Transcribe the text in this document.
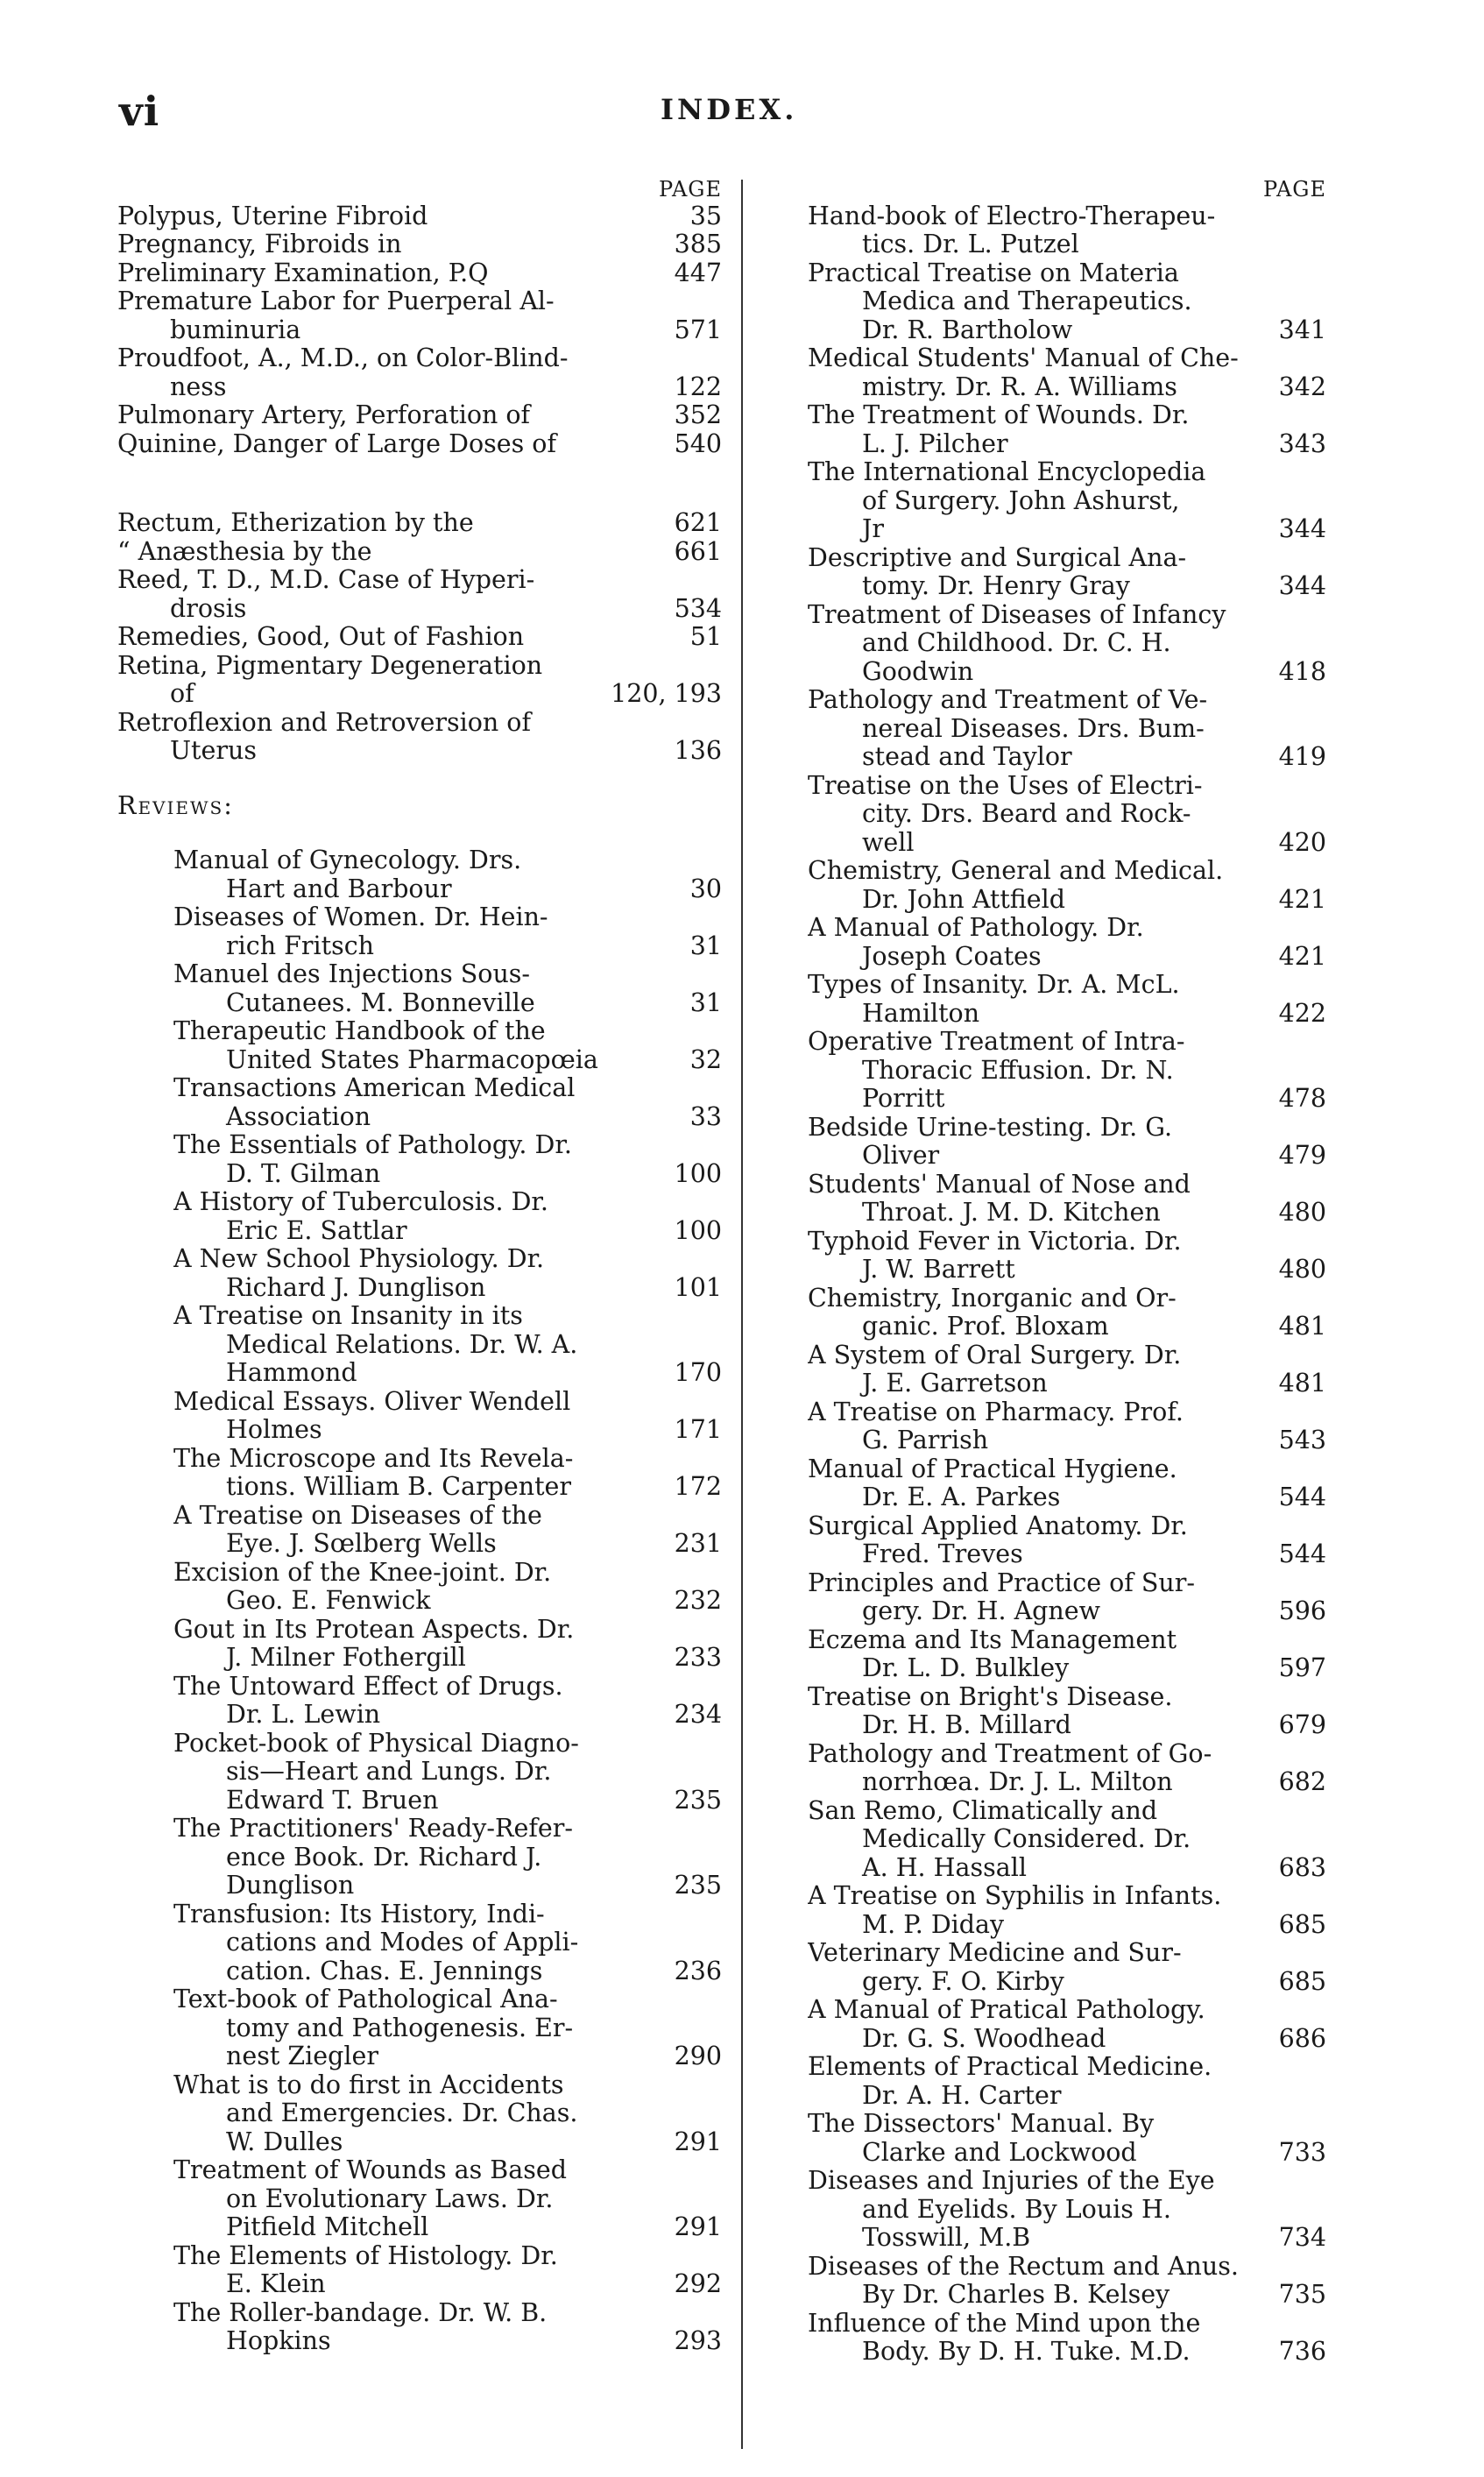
vi	INDEX.
PAGE
Polypus, Uterine Fibroid	35
Pregnancy, Fibroids in	385
Preliminary Examination, P.Q	447
Premature Labor for Puerperal Al-
buminuria	571
Proudfoot, A., M.D., on Color-Blind-
ness	122
Pulmonary Artery, Perforation of	352
Quinine, Danger of Large Doses of	540
Rectum, Etherization by the	621
“ Anæsthesia by the	661
Reed, T. D., M.D. Case of Hyperi-
drosis	534
Remedies, Good, Out of Fashion	51
Retina, Pigmentary Degeneration
of	120, 193
Retroflexion and Retroversion of
Uterus	136
Reviews:
Manual of Gynecology. Drs.
Hart and Barbour	30
Diseases of Women. Dr. Hein-
rich Fritsch	31
Manuel des Injections Sous-
Cutanees. M. Bonneville	31
Therapeutic Handbook of the
United States Pharmacopœia	32
Transactions American Medical
Association	33
The Essentials of Pathology. Dr.
D. T. Gilman	100
A History of Tuberculosis. Dr.
Eric E. Sattlar	100
A New School Physiology. Dr.
Richard J. Dunglison	101
A Treatise on Insanity in its
Medical Relations. Dr. W. A.
Hammond	170
Medical Essays. Oliver Wendell
Holmes	171
The Microscope and Its Revela-
tions. William B. Carpenter	172
A Treatise on Diseases of the
Eye. J. Sœlberg Wells	231
Excision of the Knee-joint. Dr.
Geo. E. Fenwick	232
Gout in Its Protean Aspects. Dr.
J. Milner Fothergill	233
The Untoward Effect of Drugs.
Dr. L. Lewin	234
Pocket-book of Physical Diagno-
sis—Heart and Lungs. Dr.
Edward T. Bruen	235
The Practitioners' Ready-Refer-
ence Book. Dr. Richard J.
Dunglison	235
Transfusion: Its History, Indi-
cations and Modes of Appli-
cation. Chas. E. Jennings	236
Text-book of Pathological Ana-
tomy and Pathogenesis. Er-
nest Ziegler	290
What is to do first in Accidents
and Emergencies. Dr. Chas.
W. Dulles	291
Treatment of Wounds as Based
on Evolutionary Laws. Dr.
Pitfield Mitchell	291
The Elements of Histology. Dr.
E. Klein	292
The Roller-bandage. Dr. W. B.
Hopkins	293
PAGE
Hand-book of Electro-Therapeu-
tics. Dr. L. Putzel
Practical Treatise on Materia
Medica and Therapeutics.
Dr. R. Bartholow	341
Medical Students' Manual of Che-
mistry. Dr. R. A. Williams	342
The Treatment of Wounds. Dr.
L. J. Pilcher	343
The International Encyclopedia
of Surgery. John Ashurst,
Jr	344
Descriptive and Surgical Ana-
tomy. Dr. Henry Gray	344
Treatment of Diseases of Infancy
and Childhood. Dr. C. H.
Goodwin	418
Pathology and Treatment of Ve-
nereal Diseases. Drs. Bum-
stead and Taylor	419
Treatise on the Uses of Electri-
city. Drs. Beard and Rock-
well	420
Chemistry, General and Medical.
Dr. John Attfield	421
A Manual of Pathology. Dr.
Joseph Coates	421
Types of Insanity. Dr. A. McL.
Hamilton	422
Operative Treatment of Intra-
Thoracic Effusion. Dr. N.
Porritt	478
Bedside Urine-testing. Dr. G.
Oliver	479
Students' Manual of Nose and
Throat. J. M. D. Kitchen	480
Typhoid Fever in Victoria. Dr.
J. W. Barrett	480
Chemistry, Inorganic and Or-
ganic. Prof. Bloxam	481
A System of Oral Surgery. Dr.
J. E. Garretson	481
A Treatise on Pharmacy. Prof.
G. Parrish	543
Manual of Practical Hygiene.
Dr. E. A. Parkes	544
Surgical Applied Anatomy. Dr.
Fred. Treves	544
Principles and Practice of Sur-
gery. Dr. H. Agnew	596
Eczema and Its Management
Dr. L. D. Bulkley	597
Treatise on Bright's Disease.
Dr. H. B. Millard	679
Pathology and Treatment of Go-
norrhœa. Dr. J. L. Milton	682
San Remo, Climatically and
Medically Considered. Dr.
A. H. Hassall	683
A Treatise on Syphilis in Infants.
M. P. Diday	685
Veterinary Medicine and Sur-
gery. F. O. Kirby	685
A Manual of Pratical Pathology.
Dr. G. S. Woodhead	686
Elements of Practical Medicine.
Dr. A. H. Carter
The Dissectors' Manual. By
Clarke and Lockwood	733
Diseases and Injuries of the Eye
and Eyelids. By Louis H.
Tosswill, M.B	734
Diseases of the Rectum and Anus.
By Dr. Charles B. Kelsey	735
Influence of the Mind upon the
Body. By D. H. Tuke. M.D.	736
